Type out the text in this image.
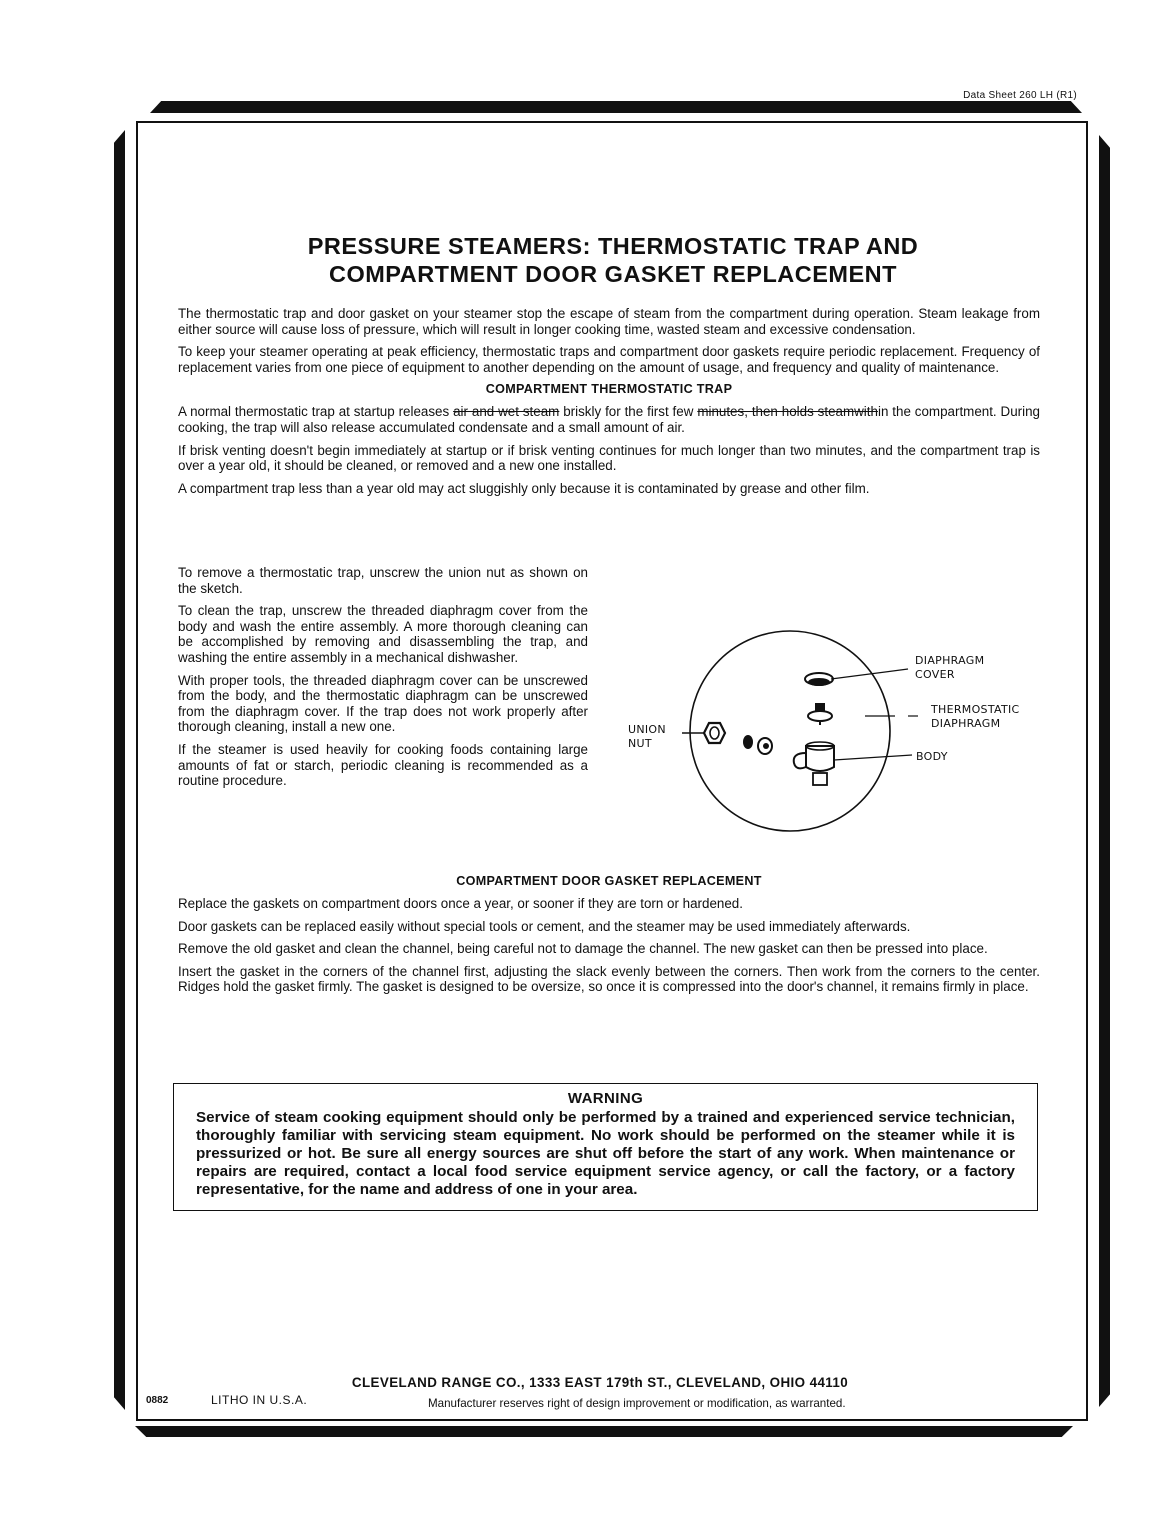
Data Sheet 260 LH (R1)
PRESSURE STEAMERS: THERMOSTATIC TRAP AND
COMPARTMENT DOOR GASKET REPLACEMENT

The thermostatic trap and door gasket on your steamer stop the escape of steam from the compartment during operation. Steam leakage from either source will cause loss of pressure, which will result in longer cooking time, wasted steam and excessive condensation.

To keep your steamer operating at peak efficiency, thermostatic traps and compartment door gaskets require periodic replacement. Frequency of replacement varies from one piece of equipment to another depending on the amount of usage, and frequency and quality of maintenance.

COMPARTMENT THERMOSTATIC TRAP

A normal thermostatic trap at startup releases air and wet steam briskly for the first few minutes, then holds steamwithin the compartment. During cooking, the trap will also release accumulated condensate and a small amount of air.

If brisk venting doesn't begin immediately at startup or if brisk venting continues for much longer than two minutes, and the compartment trap is over a year old, it should be cleaned, or removed and a new one installed.

A compartment trap less than a year old may act sluggishly only because it is contaminated by grease and other film.

To remove a thermostatic trap, unscrew the union nut as shown on the sketch.

To clean the trap, unscrew the threaded diaphragm cover from the body and wash the entire assembly. A more thorough cleaning can be accomplished by removing and disassembling the trap, and washing the entire assembly in a mechanical dishwasher.

With proper tools, the threaded diaphragm cover can be unscrewed from the body, and the thermostatic diaphragm can be unscrewed from the diaphragm cover. If the trap does not work properly after thorough cleaning, install a new one.

If the steamer is used heavily for cooking foods containing large amounts of fat or starch, periodic cleaning is recommended as a routine procedure.

UNION
NUT
DIAPHRAGM
COVER
THERMOSTATIC
DIAPHRAGM
BODY
COMPARTMENT DOOR GASKET REPLACEMENT

Replace the gaskets on compartment doors once a year, or sooner if they are torn or hardened.

Door gaskets can be replaced easily without special tools or cement, and the steamer may be used immediately afterwards.

Remove the old gasket and clean the channel, being careful not to damage the channel. The new gasket can then be pressed into place.

Insert the gasket in the corners of the channel first, adjusting the slack evenly between the corners. Then work from the corners to the center. Ridges hold the gasket firmly. The gasket is designed to be oversize, so once it is compressed into the door's channel, it remains firmly in place.

WARNING
Service of steam cooking equipment should only be performed by a trained and experienced service technician, thoroughly familiar with servicing steam equipment. No work should be performed on the steamer while it is pressurized or hot. Be sure all energy sources are shut off before the start of any work. When maintenance or repairs are required, contact a local food service equipment service agency, or call the factory, or a factory representative, for the name and address of one in your area.
CLEVELAND RANGE CO., 1333 EAST 179th ST., CLEVELAND, OHIO 44110
0882	LITHO IN U.S.A.	Manufacturer reserves right of design improvement or modification, as warranted.
